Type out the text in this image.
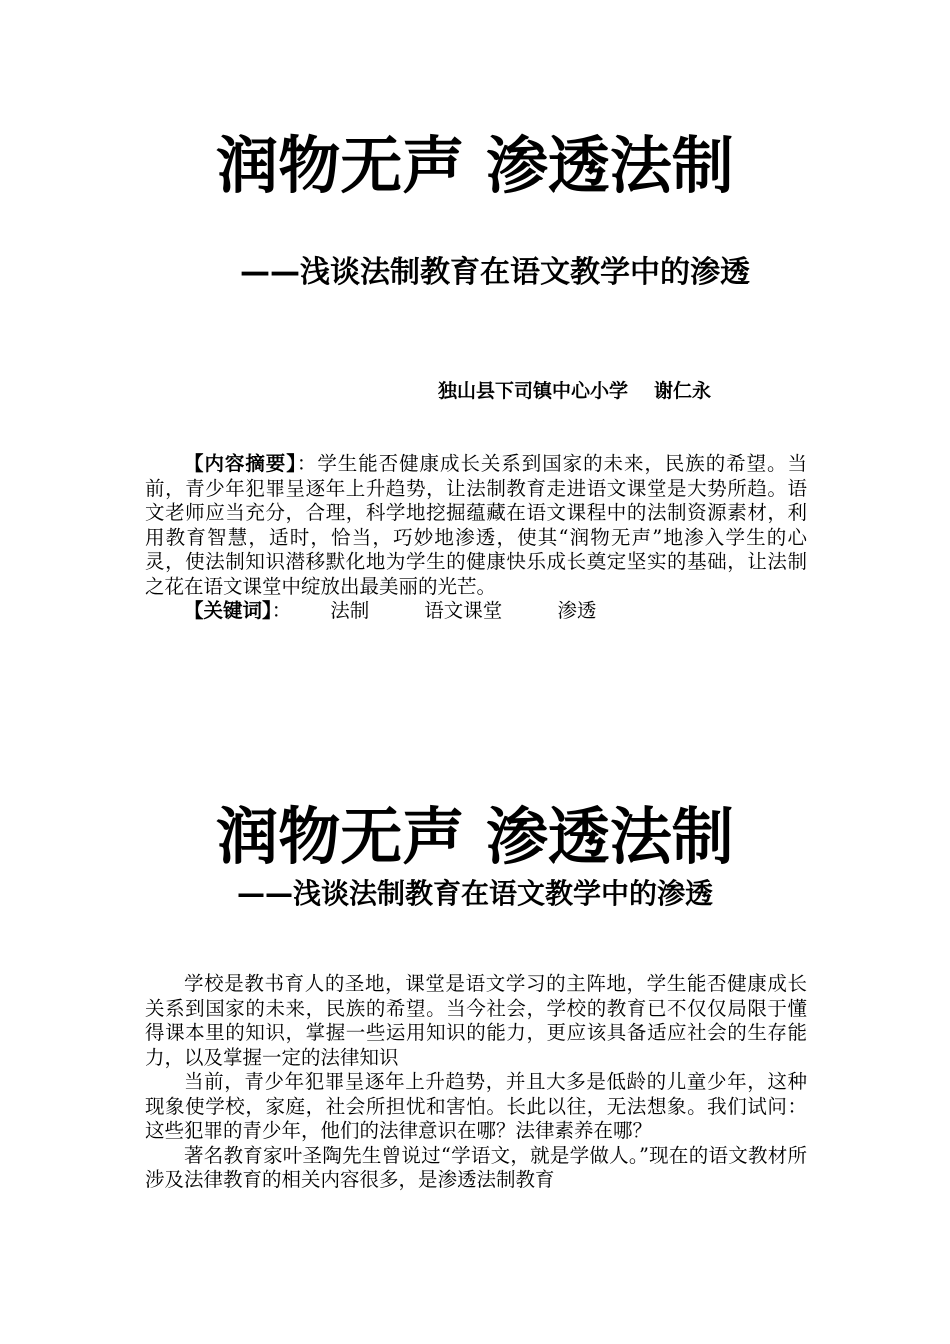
润物无声 渗透法制
——浅谈法制教育在语文教学中的渗透
独山县下司镇中心小学 谢仁永

【内容摘要】：学生能否健康成长关系到国家的未来，民族的希望。当前，青少年犯罪呈逐年上升趋势，让法制教育走进语文课堂是大势所趋。语文老师应当充分，合理，科学地挖掘蕴藏在语文课程中的法制资源素材，利用教育智慧，适时，恰当，巧妙地渗透，使其“润物无声”地渗入学生的心灵，使法制知识潜移默化地为学生的健康快乐成长奠定坚实的基础，让法制之花在语文课堂中绽放出最美丽的光芒。

【关键词】： 法制	语文课堂	渗透

润物无声 渗透法制
——浅谈法制教育在语文教学中的渗透

学校是教书育人的圣地，课堂是语文学习的主阵地，学生能否健康成长关系到国家的未来，民族的希望。当今社会，学校的教育已不仅仅局限于懂得课本里的知识，掌握一些运用知识的能力，更应该具备适应社会的生存能力，以及掌握一定的法律知识

当前，青少年犯罪呈逐年上升趋势，并且大多是低龄的儿童少年，这种现象使学校，家庭，社会所担忧和害怕。长此以往，无法想象。我们试问：这些犯罪的青少年，他们的法律意识在哪？法律素养在哪？

著名教育家叶圣陶先生曾说过“学语文，就是学做人。”现在的语文教材所涉及法律教育的相关内容很多，是渗透法制教育
